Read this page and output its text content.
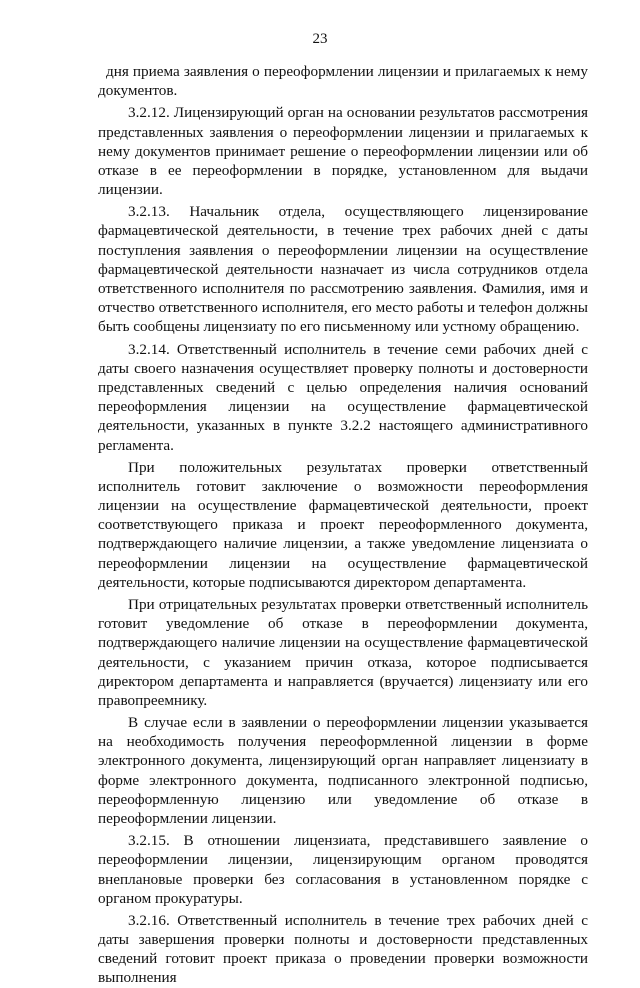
23

дня приема заявления о переоформлении лицензии и прилагаемых к нему документов.

3.2.12. Лицензирующий орган на основании результатов рассмотрения представленных заявления о переоформлении лицензии и прилагаемых к нему документов принимает решение о переоформлении лицензии или об отказе в ее переоформлении в порядке, установленном для выдачи лицензии.

3.2.13. Начальник отдела, осуществляющего лицензирование фармацевтической деятельности, в течение трех рабочих дней с даты поступления заявления о переоформлении лицензии на осуществление фармацевтической деятельности назначает из числа сотрудников отдела ответственного исполнителя по рассмотрению заявления. Фамилия, имя и отчество ответственного исполнителя, его место работы и телефон должны быть сообщены лицензиату по его письменному или устному обращению.

3.2.14. Ответственный исполнитель в течение семи рабочих дней с даты своего назначения осуществляет проверку полноты и достоверности представленных сведений с целью определения наличия оснований переоформления лицензии на осуществление фармацевтической деятельности, указанных в пункте 3.2.2 настоящего административного регламента.

При положительных результатах проверки ответственный исполнитель готовит заключение о возможности переоформления лицензии на осуществление фармацевтической деятельности, проект соответствующего приказа и проект переоформленного документа, подтверждающего наличие лицензии, а также уведомление лицензиата о переоформлении лицензии на осуществление фармацевтической деятельности, которые подписываются директором департамента.

При отрицательных результатах проверки ответственный исполнитель готовит уведомление об отказе в переоформлении документа, подтверждающего наличие лицензии на осуществление фармацевтической деятельности, с указанием причин отказа, которое подписывается директором департамента и направляется (вручается) лицензиату или его правопреемнику.

В случае если в заявлении о переоформлении лицензии указывается на необходимость получения переоформленной лицензии в форме электронного документа, лицензирующий орган направляет лицензиату в форме электронного документа, подписанного электронной подписью, переоформленную лицензию или уведомление об отказе в переоформлении лицензии.

3.2.15. В отношении лицензиата, представившего заявление о переоформлении лицензии, лицензирующим органом проводятся внеплановые проверки без согласования в установленном порядке с органом прокуратуры.

3.2.16. Ответственный исполнитель в течение трех рабочих дней с даты завершения проверки полноты и достоверности представленных сведений готовит проект приказа о проведении проверки возможности выполнения
